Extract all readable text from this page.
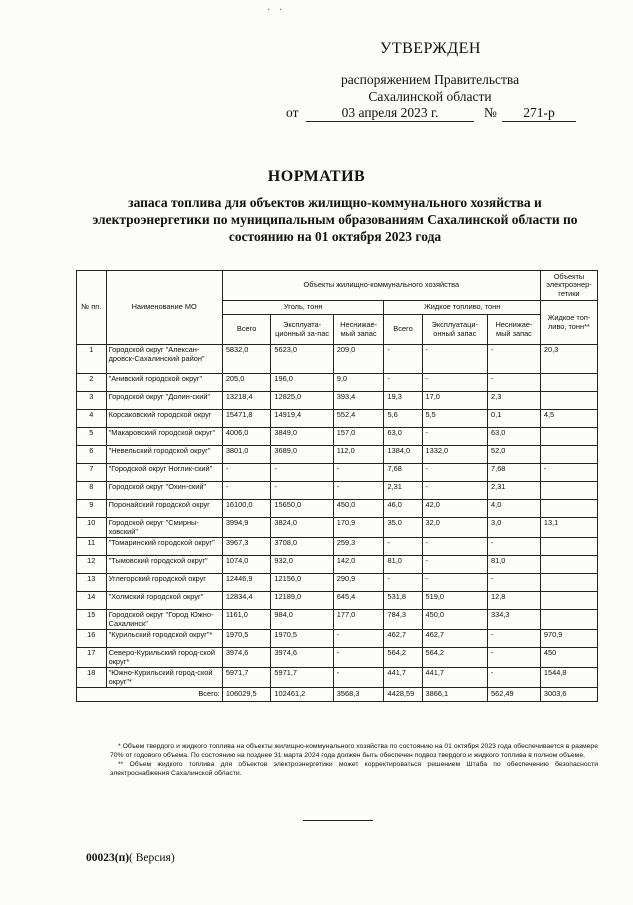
· ·
УТВЕРЖДЕН
распоряжением Правительства
Сахалинской области
от	03 апреля 2023 г.	№	271-р
НОРМАТИВ
запаса топлива для объектов жилищно-коммунального хозяйства и электроэнергетики по муниципальным образованиям Сахалинской области по состоянию на 01 октября 2023 года
№ пп.	Наименование МО	Объекты жилищно-коммунального хозяйства						Объекты электроэнер-гетики
		Уголь, тонн			Жидкое топливо, тонн			Жидкое топ-ливо, тонн**
		Всего	Эксплуата-ционный за-пас	Неснижае-мый запас	Всего	Эксплуатаци-онный запас	Неснижае-мый запас	
1	Городской округ "Алексан-дровск-Сахалинский район"	5832,0	5623,0	209,0	-	-	-	20,3
2	"Анивский городской округ"	205,0	196,0	9,0	-	-	-	
3	Городской округ "Долин-ский"	13218,4	12825,0	393,4	19,3	17,0	2,3	
4	Корсаковский городской округ	15471,8	14919,4	552,4	5,6	5,5	0,1	4,5
5	"Макаровский городской округ"	4006,0	3849,0	157,0	63,0	-	63,0	
6	"Невельский городской округ"	3801,0	3689,0	112,0	1384,0	1332,0	52,0	
7	"Городской округ Ноглик-ский"	-	-	-	7,68	-	7,68	-
8	Городской округ "Охин-ский"	-	-	-	2,31	-	2,31	
9	Поронайский городской округ	16100,0	15650,0	450,0	46,0	42,0	4,0	
10	Городской округ "Смирны-ховский"	3994,9	3824,0	170,9	35,0	32,0	3,0	13,1
11	"Томаринский городской округ"	3967,3	3708,0	259,3	-	-	-	
12	"Тымовский городской округ"	1074,0	932,0	142,0	81,0	-	81,0	
13	Углегорский городской округ	12446,9	12156,0	290,9	-	-	-	
14	"Холмский городской округ"	12834,4	12189,0	645,4	531,8	519,0	12,8	
15	Городской округ "Город Южно-Сахалинск"	1161,0	984,0	177,0	784,3	450,0	334,3	
16	"Курильский городской округ"*	1970,5	1970,5	-	462,7	462,7	-	970,9
17	Северо-Курильский город-ской округ*	3974,6	3974,6	-	564,2	564,2	-	450
18	"Южно-Курильский город-ской округ"*	5971,7	5971,7	-	441,7	441,7	-	1544,8
Всего:		106029,5	102461,2	3568,3	4428,59	3866,1	562,49	3003,6

* Объем твердого и жидкого топлива на объекты жилищно-коммунального хозяйства по состоянию на 01 октября 2023 года обеспечивается в размере 70% от годового объема. По состоянию на позднее 31 марта 2024 года должен быть обеспечен подвоз твердого и жидкого топлива в полном объеме.

** Объем жидкого топлива для объектов электроэнергетики может корректироваться решением Штаба по обеспечению безопасности электроснабжения Сахалинской области.

00023(п)( Версия)
